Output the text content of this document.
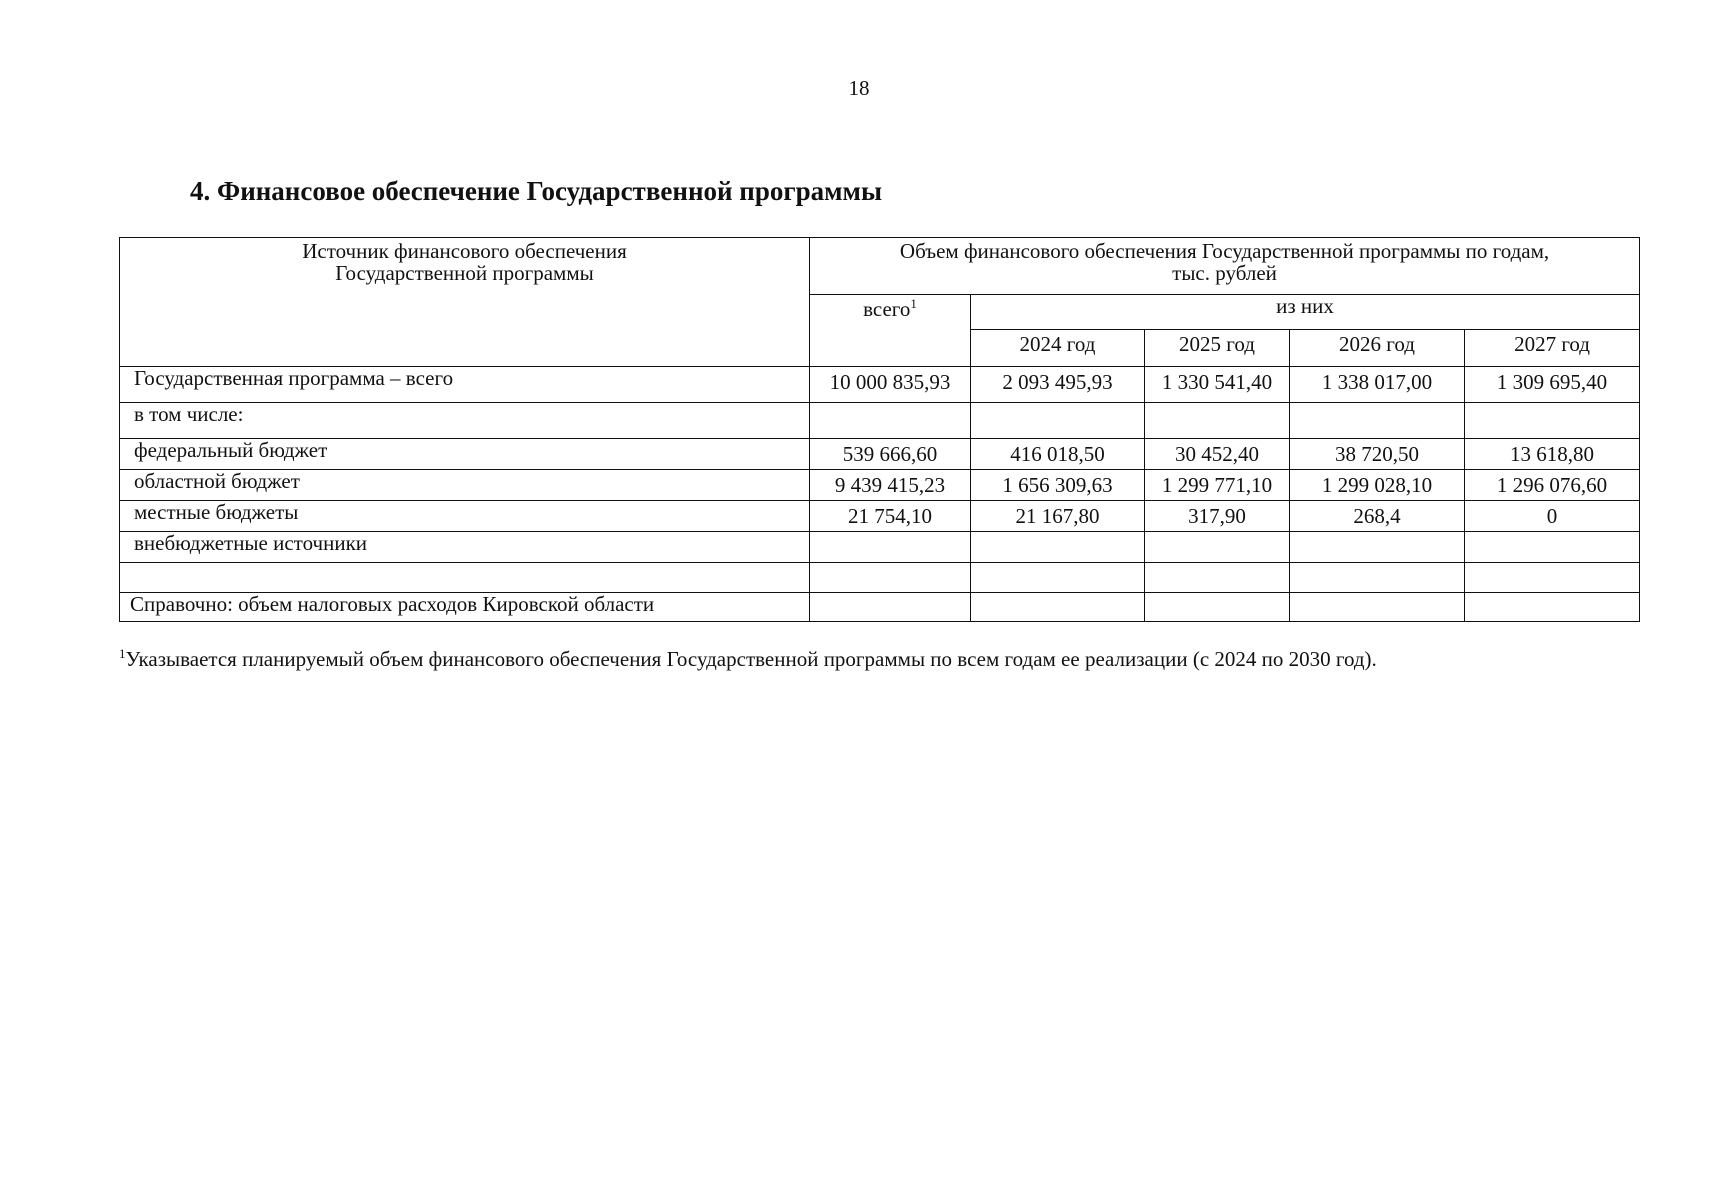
18
4. Финансовое обеспечение Государственной программы
Источник финансового обеспечения
Государственной программы	Объем финансового обеспечения Государственной программы по годам,
тыс. рублей				
	всего$^1$	из них			
		2024 год	2025 год	2026 год	2027 год
Государственная программа – всего	10 000 835,93	2 093 495,93	1 330 541,40	1 338 017,00	1 309 695,40
в том числе:					
федеральный бюджет	539 666,60	416 018,50	30 452,40	38 720,50	13 618,80
областной бюджет	9 439 415,23	1 656 309,63	1 299 771,10	1 299 028,10	1 296 076,60
местные бюджеты	21 754,10	21 167,80	317,90	268,4	0
внебюджетные источники					

Справочно: объем налоговых расходов Кировской области					
$^1$Указывается планируемый объем финансового обеспечения Государственной программы по всем годам ее реализации (с 2024 по 2030 год).
